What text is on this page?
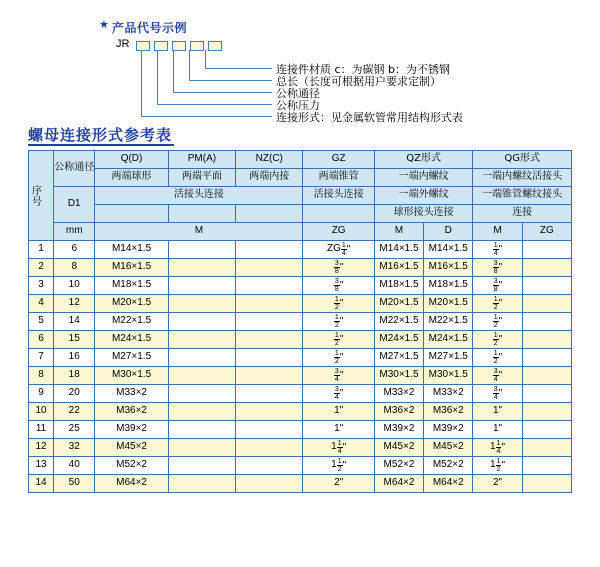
★ 产品代号示例
JR
连接件材质 c：为碳钢 b：为不锈钢
总长（长度可根据用户要求定制）
公称通径
公称压力
连接形式：见金属软管常用结构形式表
螺母连接形式参考表
序号	公称通径	Q(D)	PM(A)	NZ(C)	GZ	QZ形式		QG形式	
		两端球形	两端平面	两端内接	两端锥管	一端内螺纹		一端内螺纹活接头	
	D1	活接头连接			活接头连接	一端外螺纹		一端锥管螺纹接头	
						球形接头连接		连接	
	mm	M			ZG	M	D	M	ZG
1	6	M14×1.5			ZG $\frac{1}{4}$ "	M14×1.5	M14×1.5	$\frac{1}{4}$ "	
2	8	M16×1.5			$\frac{3}{8}$ "	M16×1.5	M16×1.5	$\frac{3}{8}$ "	
3	10	M18×1.5			$\frac{3}{8}$ "	M18×1.5	M18×1.5	$\frac{3}{8}$ "	
4	12	M20×1.5			$\frac{1}{2}$ "	M20×1.5	M20×1.5	$\frac{1}{2}$ "	
5	14	M22×1.5			$\frac{1}{2}$ "	M22×1.5	M22×1.5	$\frac{1}{2}$ "	
6	15	M24×1.5			$\frac{1}{2}$ "	M24×1.5	M24×1.5	$\frac{1}{2}$ "	
7	16	M27×1.5			$\frac{1}{2}$ "	M27×1.5	M27×1.5	$\frac{1}{2}$ "	
8	18	M30×1.5			$\frac{3}{4}$ "	M30×1.5	M30×1.5	$\frac{3}{4}$ "	
9	20	M33×2			$\frac{3}{4}$ "	M33×2	M33×2	$\frac{3}{4}$ "	
10	22	M36×2			1"	M36×2	M36×2	1"	
11	25	M39×2			1"	M39×2	M39×2	1"	
12	32	M45×2			$1 \frac{1}{4}$ "	M45×2	M45×2	$1 \frac{1}{4}$ "	
13	40	M52×2			$1 \frac{1}{2}$ "	M52×2	M52×2	$1 \frac{1}{2}$ "	
14	50	M64×2			2"	M64×2	M64×2	2"	
